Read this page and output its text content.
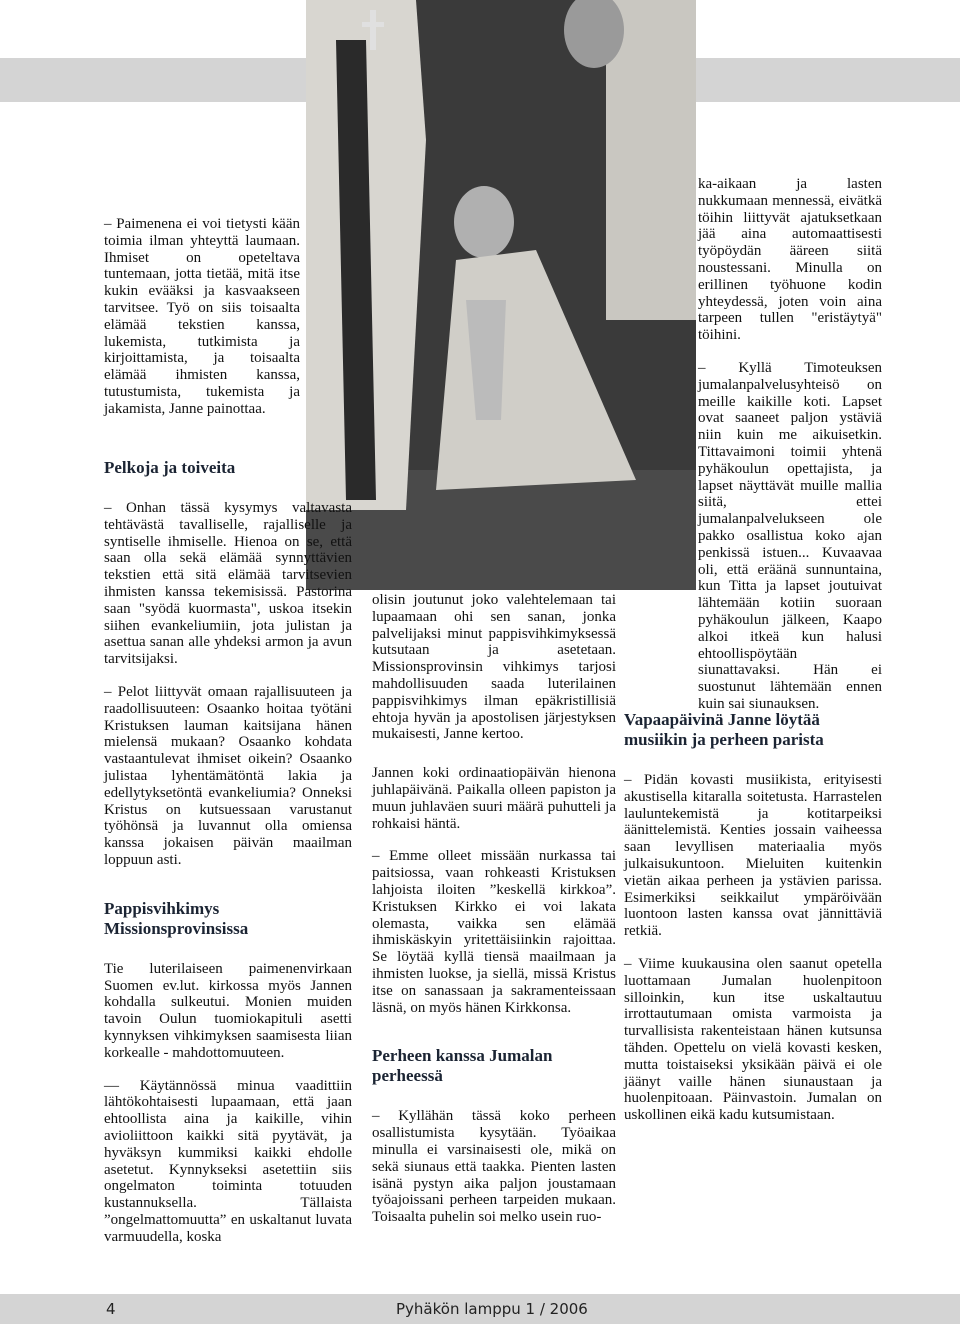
– Paimenena ei voi tietysti kään toimia ilman yhteyttä laumaan. Ihmiset on opeteltava tuntemaan, jotta tietää, mitä itse kukin evääksi ja kasvaakseen tarvitsee. Työ on siis toisaalta elämää tekstien kanssa, lukemista, tutkimista ja kirjoittamista, ja toisaalta elämää ihmisten kanssa, tutustumista, tukemista ja jakamista, Janne painottaa.

Pelkoja ja toiveita

– Onhan tässä kysymys valtavasta tehtävästä tavalliselle, rajalliselle ja syntiselle ihmiselle. Hienoa on se, että saan olla sekä elämää synnyttävien tekstien että sitä elämää tarvitsevien ihmisten kanssa tekemisissä. Pastorina saan "syödä kuormasta", uskoa itsekin siihen evankeliumiin, jota julistan ja asettua sanan alle yhdeksi armon ja avun tarvitsijaksi.

– Pelot liittyvät omaan rajallisuuteen ja raadollisuuteen: Osaanko hoitaa työtäni Kristuksen lauman kaitsijana hänen mielensä mukaan? Osaanko kohdata vastaantulevat ihmiset oikein? Osaanko julistaa lyhentämätöntä lakia ja edellytyksetöntä evankeliumia? Onneksi Kristus on kutsuessaan varustanut työhönsä ja luvannut olla omiensa kanssa jokaisen päivän maailman loppuun asti.

Pappisvihkimys Missionsprovinsissa

Tie luterilaiseen paimenenvirkaan Suomen ev.lut. kirkossa myös Jannen kohdalla sulkeutui. Monien muiden tavoin Oulun tuomiokapituli asetti kynnyksen vihkimyksen saamisesta liian korkealle - mahdottomuuteen.

— Käytännössä minua vaadittiin lähtökohtaisesti lupaamaan, että jaan ehtoollista aina ja kaikille, vihin avioliittoon kaikki sitä pyytävät, ja hyväksyn kummiksi kaikki ehdolle asetetut. Kynnykseksi asetettiin siis ongelmaton toiminta totuuden kustannuksella. Tällaista ”ongelmattomuutta” en uskaltanut luvata varmuudella, koska

olisin joutunut joko valehtelemaan tai lupaamaan ohi sen sanan, jonka palvelijaksi minut pappisvihkimyksessä kutsutaan ja asetetaan. Missionsprovinsin vihkimys tarjosi mahdollisuuden saada luterilainen pappisvihkimys ilman epäkristillisiä ehtoja hyvän ja apostolisen järjestyksen mukaisesti, Janne kertoo.

Jannen koki ordinaatiopäivän hienona juhlapäivänä. Paikalla olleen papiston ja muun juhlaväen suuri määrä puhutteli ja rohkaisi häntä.

– Emme olleet missään nurkassa tai paitsiossa, vaan rohkeasti Kristuksen lahjoista iloiten ”keskellä kirkkoa”. Kristuksen Kirkko ei voi lakata olemasta, vaikka sen elämää ihmiskäskyin yritettäisiinkin rajoittaa. Se löytää kyllä tiensä maailmaan ja ihmisten luokse, ja siellä, missä Kristus itse on sanassaan ja sakramenteissaan läsnä, on myös hänen Kirkkonsa.

Perheen kanssa Jumalan perheessä

– Kyllähän tässä koko perheen osallistumista kysytään. Työaikaa minulla ei varsinaisesti ole, mikä on sekä siunaus että taakka. Pienten lasten isänä pystyn aika paljon joustamaan työajoissani perheen tarpeiden mukaan. Toisaalta puhelin soi melko usein ruo-

ka-aikaan ja lasten nukkumaan mennessä, eivätkä töihin liittyvät ajatuksetkaan jää aina automaattisesti työpöydän ääreen siitä noustessani. Minulla on erillinen työhuone kodin yhteydessä, joten voin aina tarpeen tullen "eristäytyä" töihini.

– Kyllä Timoteuksen jumalanpalvelusyhteisö on meille kaikille koti. Lapset ovat saaneet paljon ystäviä niin kuin me aikuisetkin. Tittavaimoni toimii yhtenä pyhäkoulun opettajista, ja lapset näyttävät muille mallia siitä, ettei jumalanpalvelukseen ole pakko osallistua koko ajan penkissä istuen... Kuvaavaa oli, että eräänä sunnuntaina, kun Titta ja lapset joutuivat lähtemään kotiin suoraan pyhäkoulun jälkeen, Kaapo alkoi itkeä kun halusi ehtoollispöytään siunattavaksi. Hän ei suostunut lähtemään ennen kuin sai siunauksen.

Vapaapäivinä Janne löytää musiikin ja perheen parista

– Pidän kovasti musiikista, erityisesti akustisella kitaralla soitetusta. Harrastelen lauluntekemistä ja kotitarpeiksi äänittelemistä. Kenties jossain vaiheessa saan levyllisen materiaalia myös julkaisukuntoon. Mieluiten kuitenkin vietän aikaa perheen ja ystävien parissa. Esimerkiksi seikkailut ympäröivään luontoon lasten kanssa ovat jännittäviä retkiä.

– Viime kuukausina olen saanut opetella luottamaan Jumalan huolenpitoon silloinkin, kun itse uskaltautuu irrottautumaan omista varmoista ja turvallisista rakenteistaan hänen kutsunsa tähden. Opettelu on vielä kovasti kesken, mutta toistaiseksi yksikään päivä ei ole jäänyt vaille hänen siunaustaan ja huolenpitoaan. Päinvastoin. Jumalan on uskollinen eikä kadu kutsumistaan.

4	Pyhäkön lamppu 1 / 2006
